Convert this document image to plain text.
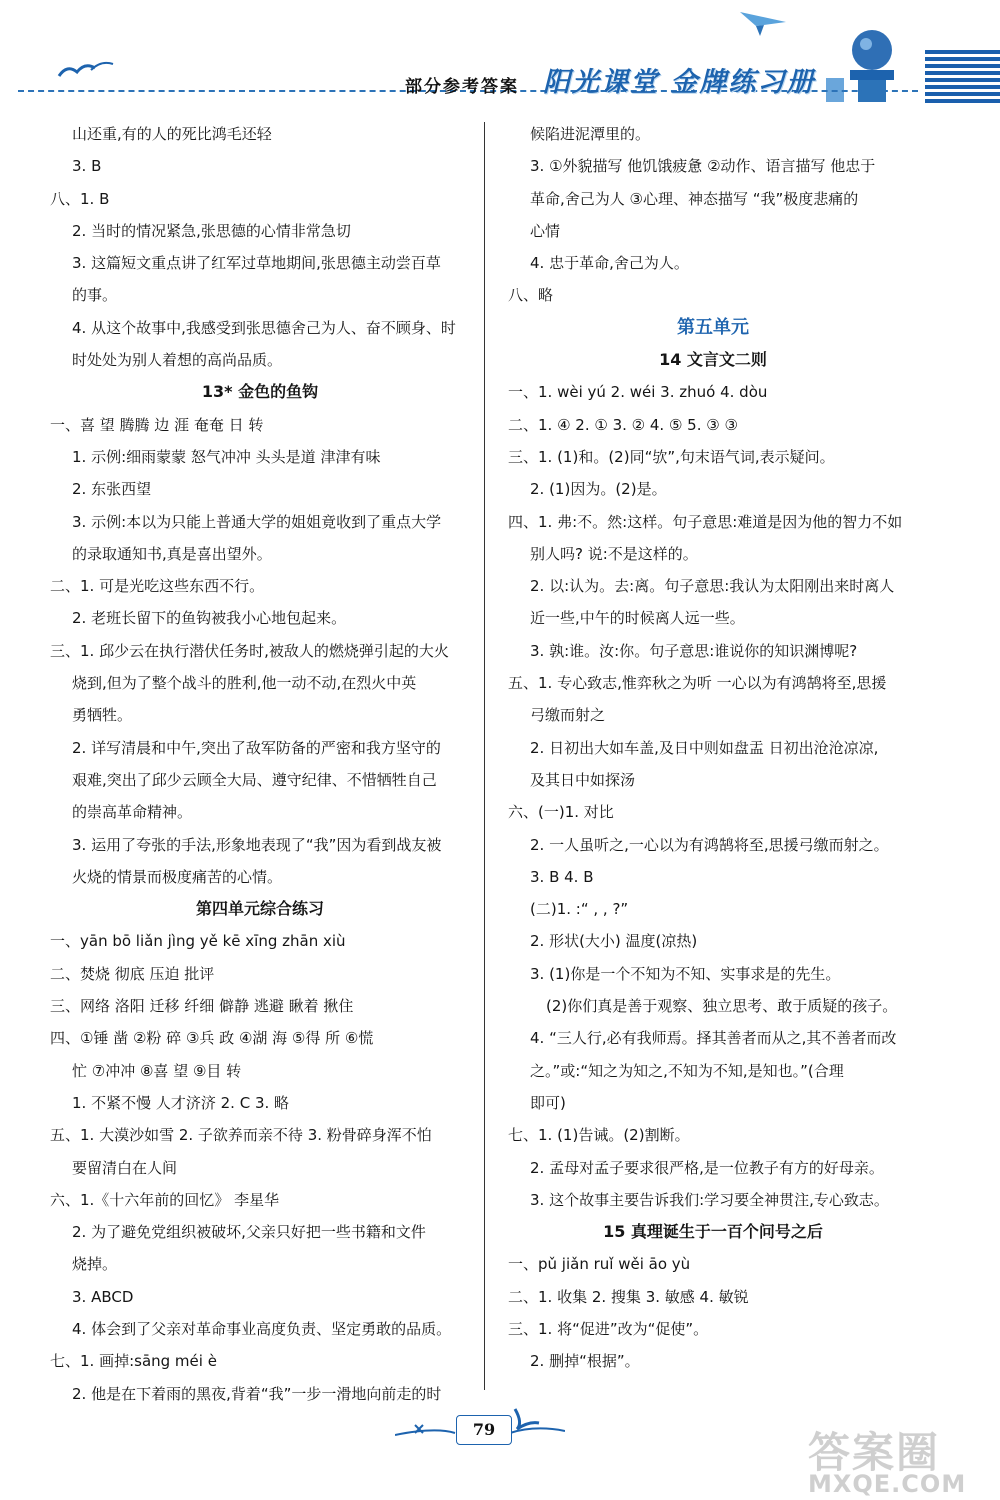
部分参考答案 阳光课堂 金牌练习册
山还重,有的人的死比鸿毛还轻
3. B
八、1. B
2. 当时的情况紧急,张思德的心情非常急切
3. 这篇短文重点讲了红军过草地期间,张思德主动尝百草
的事。
4. 从这个故事中,我感受到张思德舍己为人、奋不顾身、时
时处处为别人着想的高尚品质。
13* 金色的鱼钩
一、喜 望 腾腾 边 涯 奄奄 日 转
1. 示例:细雨蒙蒙 怒气冲冲 头头是道 津津有味
2. 东张西望
3. 示例:本以为只能上普通大学的姐姐竟收到了重点大学
的录取通知书,真是喜出望外。
二、1. 可是光吃这些东西不行。
2. 老班长留下的鱼钩被我小心地包起来。
三、1. 邱少云在执行潜伏任务时,被敌人的燃烧弹引起的大火
烧到,但为了整个战斗的胜利,他一动不动,在烈火中英
勇牺牲。
2. 详写清晨和中午,突出了敌军防备的严密和我方坚守的
艰难,突出了邱少云顾全大局、遵守纪律、不惜牺牲自己
的崇高革命精神。
3. 运用了夸张的手法,形象地表现了“我”因为看到战友被
火烧的情景而极度痛苦的心情。
第四单元综合练习
一、yān bō liǎn jìng yě kē xīng zhān xiù
二、焚烧 彻底 压迫 批评
三、网络 洛阳 迁移 纤细 僻静 逃避 瞅着 揪住
四、①锤 凿 ②粉 碎 ③兵 政 ④湖 海 ⑤得 所 ⑥慌
忙 ⑦冲冲 ⑧喜 望 ⑨目 转
1. 不紧不慢 人才济济 2. C 3. 略
五、1. 大漠沙如雪 2. 子欲养而亲不待 3. 粉骨碎身浑不怕
要留清白在人间
六、1.《十六年前的回忆》 李星华
2. 为了避免党组织被破坏,父亲只好把一些书籍和文件
烧掉。
3. ABCD
4. 体会到了父亲对革命事业高度负责、坚定勇敢的品质。
七、1. 画掉:sāng méi è
2. 他是在下着雨的黑夜,背着“我”一步一滑地向前走的时
候陷进泥潭里的。
3. ①外貌描写 他饥饿疲惫 ②动作、语言描写 他忠于
革命,舍己为人 ③心理、神态描写 “我”极度悲痛的
心情
4. 忠于革命,舍己为人。
八、略
第五单元
14 文言文二则
一、1. wèi yú 2. wéi 3. zhuó 4. dòu
二、1. ④ 2. ① 3. ② 4. ⑤ 5. ③ ③
三、1. (1)和。(2)同“欤”,句末语气词,表示疑问。
2. (1)因为。(2)是。
四、1. 弗:不。然:这样。句子意思:难道是因为他的智力不如
别人吗? 说:不是这样的。
2. 以:认为。去:离。句子意思:我认为太阳刚出来时离人
近一些,中午的时候离人远一些。
3. 孰:谁。汝:你。句子意思:谁说你的知识渊博呢?
五、1. 专心致志,惟弈秋之为听 一心以为有鸿鹄将至,思援
弓缴而射之
2. 日初出大如车盖,及日中则如盘盂 日初出沧沧凉凉,
及其日中如探汤
六、(一)1. 对比
2. 一人虽听之,一心以为有鸿鹄将至,思援弓缴而射之。
3. B 4. B
(二)1. :“ , , ?”
2. 形状(大小) 温度(凉热)
3. (1)你是一个不知为不知、实事求是的先生。
(2)你们真是善于观察、独立思考、敢于质疑的孩子。
4. “三人行,必有我师焉。择其善者而从之,其不善者而改
之。”或:“知之为知之,不知为不知,是知也。”(合理
即可)
七、1. (1)告诫。(2)割断。
2. 孟母对孟子要求很严格,是一位教子有方的好母亲。
3. 这个故事主要告诉我们:学习要全神贯注,专心致志。
15 真理诞生于一百个问号之后
一、pǔ jiǎn ruǐ wěi āo yù
二、1. 收集 2. 搜集 3. 敏感 4. 敏锐
三、1. 将“促进”改为“促使”。
2. 删掉“根据”。
79	答案圈
MXQE.COM
